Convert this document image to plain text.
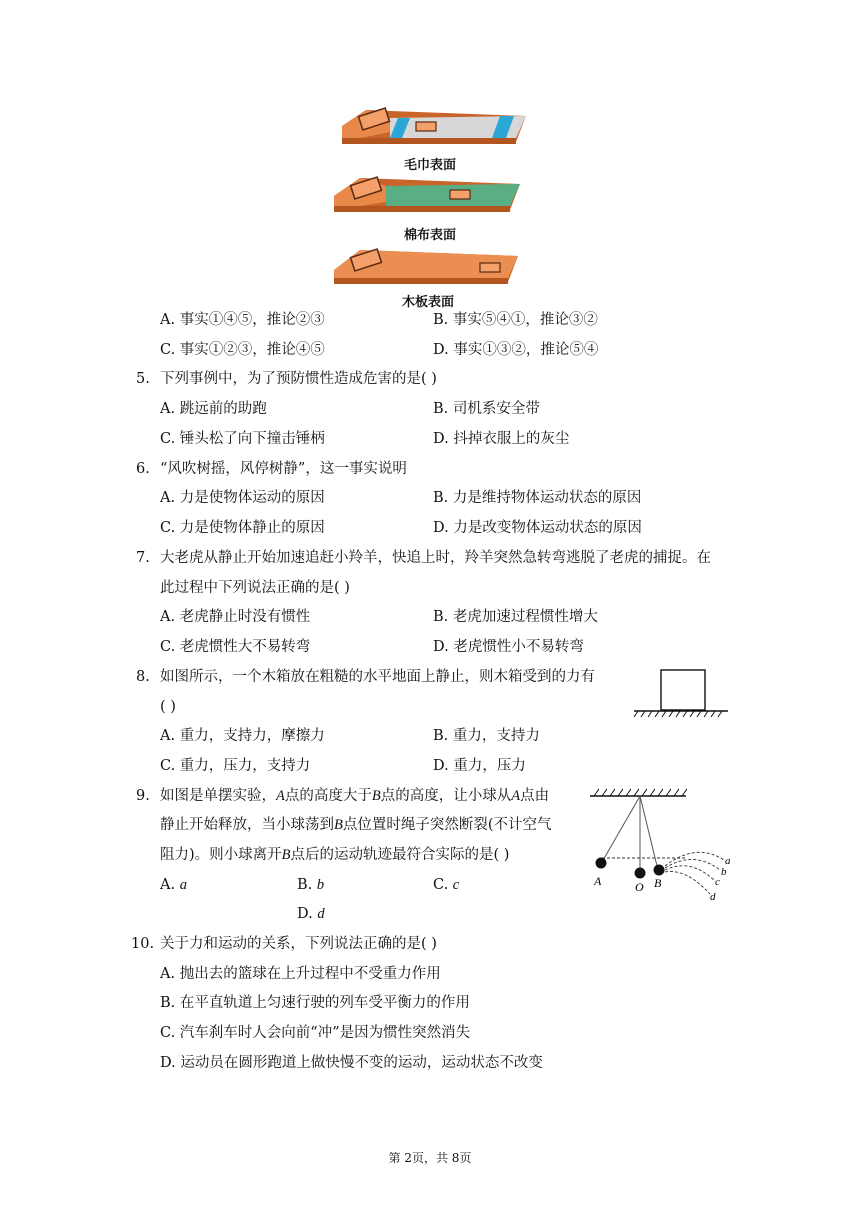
毛巾表面
棉布表面
木板表面
A. 事实①④⑤，推论②③	B. 事实⑤④①，推论③②
C. 事实①②③，推论④⑤	D. 事实①③②，推论⑤④
5. 下列事例中，为了预防惯性造成危害的是( )
A. 跳远前的助跑	B. 司机系安全带
C. 锤头松了向下撞击锤柄	D. 抖掉衣服上的灰尘
6. “风吹树摇，风停树静”，这一事实说明
A. 力是使物体运动的原因	B. 力是维持物体运动状态的原因
C. 力是使物体静止的原因	D. 力是改变物体运动状态的原因
7. 大老虎从静止开始加速追赶小羚羊，快追上时，羚羊突然急转弯逃脱了老虎的捕捉。在
此过程中下列说法正确的是( )
A. 老虎静止时没有惯性	B. 老虎加速过程惯性增大
C. 老虎惯性大不易转弯	D. 老虎惯性小不易转弯
8. 如图所示，一个木箱放在粗糙的水平地面上静止，则木箱受到的力有
( )
A. 重力，支持力，摩擦力	B. 重力，支持力
C. 重力，压力，支持力	D. 重力，压力
9. 如图是单摆实验，A点的高度大于B点的高度，让小球从A点由
静止开始释放，当小球荡到B点位置时绳子突然断裂(不计空气
阻力)。则小球离开B点后的运动轨迹最符合实际的是( )
A. a	B. b	C. c
D. d
A	O B
a
b
c
d
10. 关于力和运动的关系，下列说法正确的是( )
A. 抛出去的篮球在上升过程中不受重力作用
B. 在平直轨道上匀速行驶的列车受平衡力的作用
C. 汽车刹车时人会向前“冲”是因为惯性突然消失
D. 运动员在圆形跑道上做快慢不变的运动，运动状态不改变
第 2页，共 8页
